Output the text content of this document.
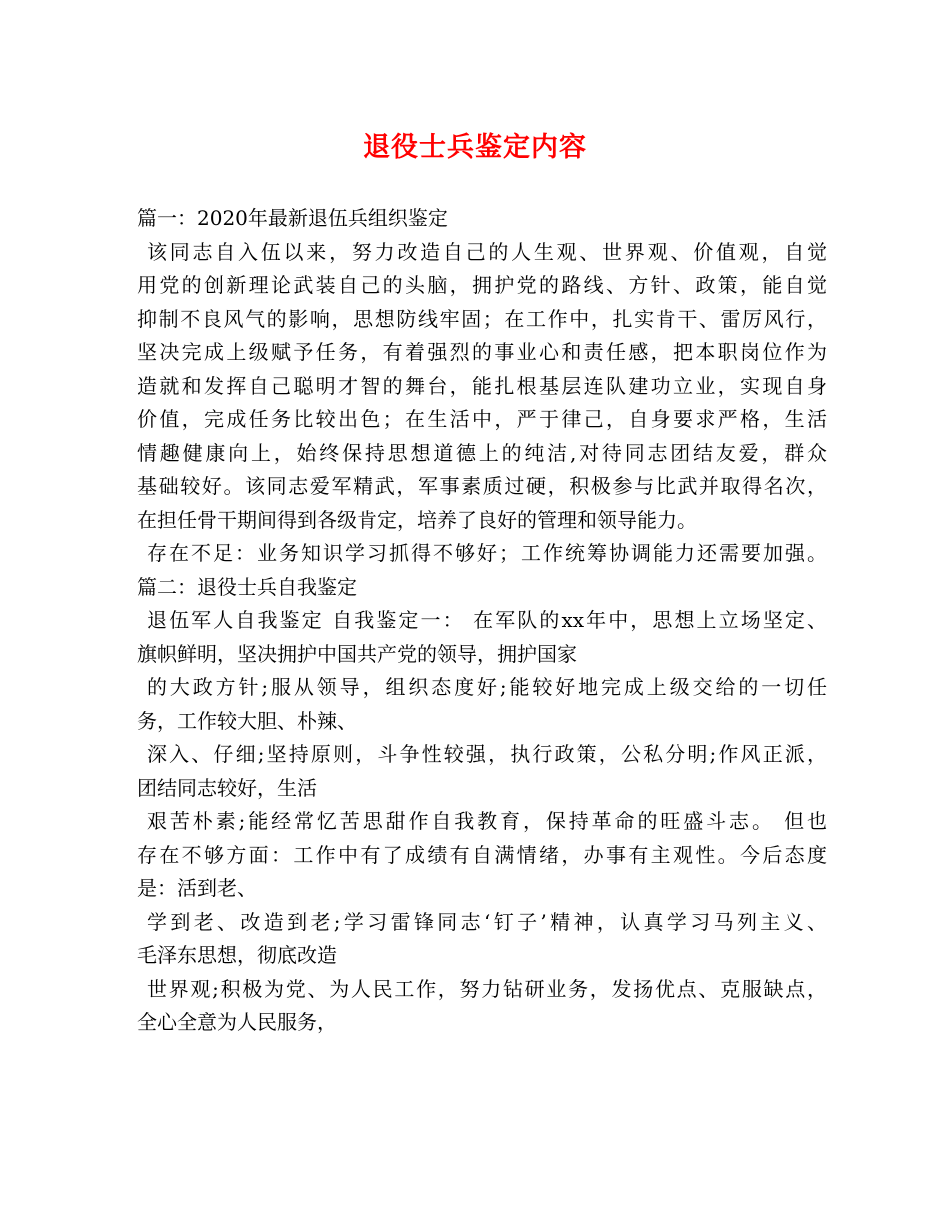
退役士兵鉴定内容
篇一：2020年最新退伍兵组织鉴定
该同志自入伍以来，努力改造自己的人生观、世界观、价值观，自觉
用党的创新理论武装自己的头脑，拥护党的路线、方针、政策，能自觉
抑制不良风气的影响，思想防线牢固；在工作中，扎实肯干、雷厉风行，
坚决完成上级赋予任务，有着强烈的事业心和责任感，把本职岗位作为
造就和发挥自己聪明才智的舞台，能扎根基层连队建功立业，实现自身
价值，完成任务比较出色；在生活中，严于律己，自身要求严格，生活
情趣健康向上，始终保持思想道德上的纯洁,对待同志团结友爱，群众
基础较好。该同志爱军精武，军事素质过硬，积极参与比武并取得名次，
在担任骨干期间得到各级肯定，培养了良好的管理和领导能力。
存在不足：业务知识学习抓得不够好；工作统筹协调能力还需要加强。
篇二：退役士兵自我鉴定
退伍军人自我鉴定 自我鉴定一： 在军队的xx年中，思想上立场坚定、
旗帜鲜明，坚决拥护中国共产党的领导，拥护国家
的大政方针;服从领导，组织态度好;能较好地完成上级交给的一切任
务，工作较大胆、朴辣、
深入、仔细;坚持原则，斗争性较强，执行政策，公私分明;作风正派，
团结同志较好，生活
艰苦朴素;能经常忆苦思甜作自我教育，保持革命的旺盛斗志。 但也
存在不够方面：工作中有了成绩有自满情绪，办事有主观性。今后态度
是：活到老、
学到老、改造到老;学习雷锋同志‘钉子’精神，认真学习马列主义、
毛泽东思想，彻底改造
世界观;积极为党、为人民工作，努力钻研业务，发扬优点、克服缺点，
全心全意为人民服务，
